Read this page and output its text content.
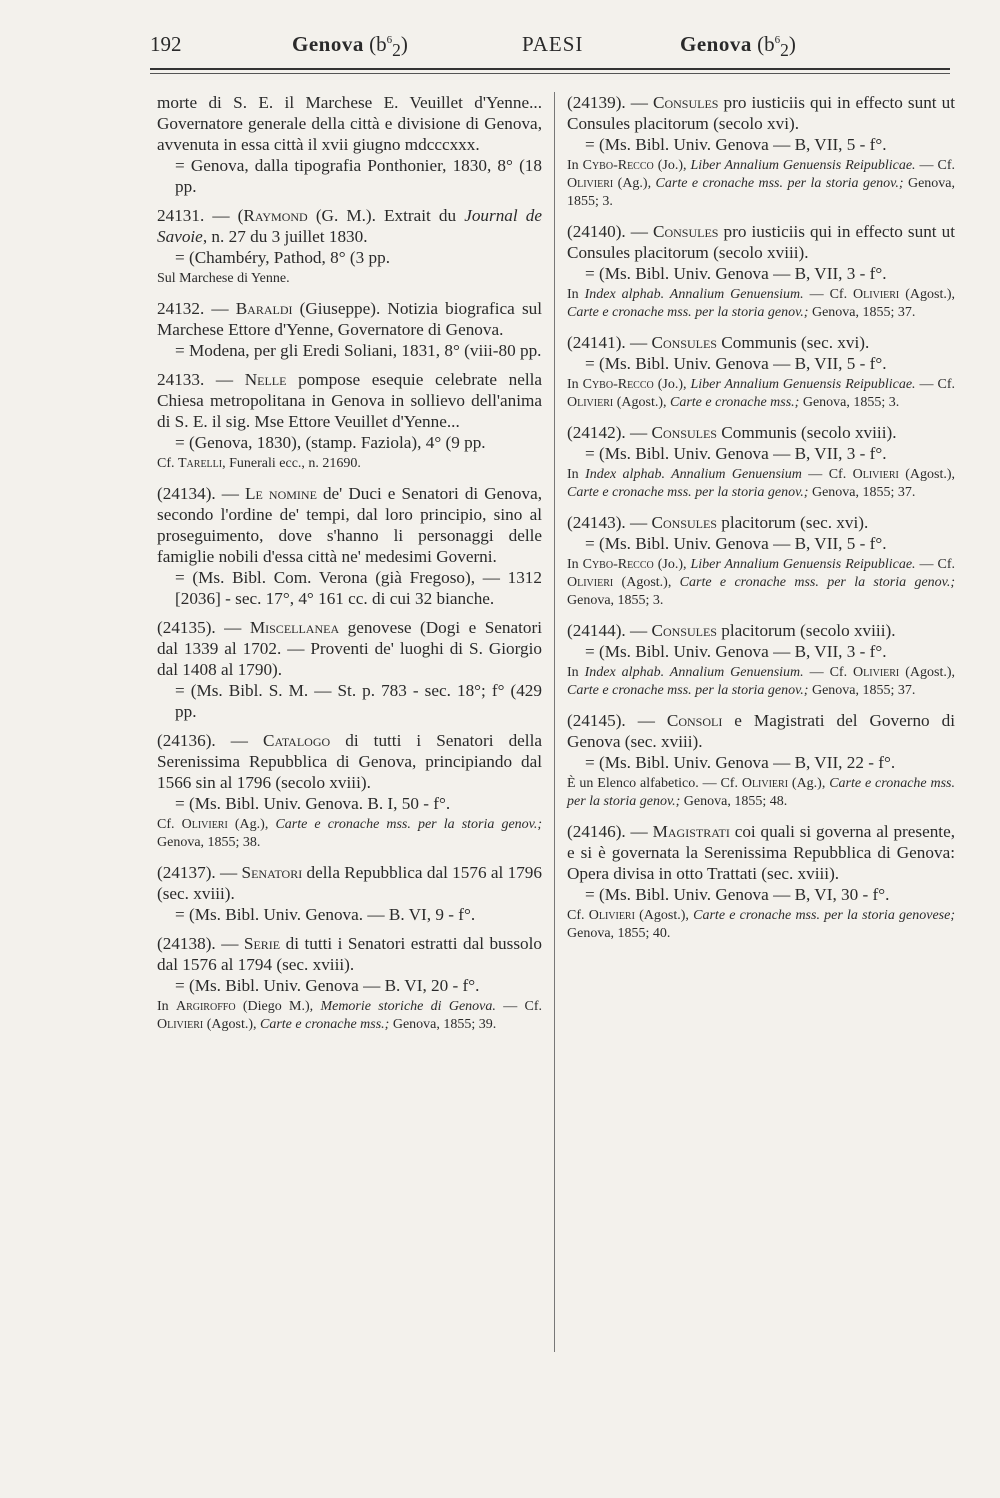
192	Genova $(b^6_2)$	PAESI	Genova $(b^6_2)$

morte di S. E. il Marchese E. Veuillet d'Yenne... Governatore generale della città e divisione di Genova, avvenuta in essa città il xvii giugno mdcccxxx.

= Genova, dalla tipografia Ponthonier, 1830, 8° (18 pp.

24131. — (Raymond (G. M.). Extrait du Journal de Savoie, n. 27 du 3 juillet 1830.

= (Chambéry, Pathod, 8° (3 pp.

Sul Marchese di Yenne.

24132. — Baraldi (Giuseppe). Notizia biografica sul Marchese Ettore d'Yenne, Governatore di Genova.

= Modena, per gli Eredi Soliani, 1831, 8° (viii-80 pp.

24133. — Nelle pompose esequie celebrate nella Chiesa metropolitana in Genova in sollievo dell'anima di S. E. il sig. Mse Ettore Veuillet d'Yenne...

= (Genova, 1830), (stamp. Faziola), 4° (9 pp.

Cf. Tarelli, Funerali ecc., n. 21690.

(24134). — Le nomine de' Duci e Senatori di Genova, secondo l'ordine de' tempi, dal loro principio, sino al proseguimento, dove s'hanno li personaggi delle famiglie nobili d'essa città ne' medesimi Governi.

= (Ms. Bibl. Com. Verona (già Fregoso), — 1312 [2036] - sec. 17°, 4° 161 cc. di cui 32 bianche.

(24135). — Miscellanea genovese (Dogi e Senatori dal 1339 al 1702. — Proventi de' luoghi di S. Giorgio dal 1408 al 1790).

= (Ms. Bibl. S. M. — St. p. 783 - sec. 18°; f° (429 pp.

(24136). — Catalogo di tutti i Senatori della Serenissima Repubblica di Genova, principiando dal 1566 sin al 1796 (secolo xviii).

= (Ms. Bibl. Univ. Genova. B. I, 50 - f°.

Cf. Olivieri (Ag.), Carte e cronache mss. per la storia genov.; Genova, 1855; 38.

(24137). — Senatori della Repubblica dal 1576 al 1796 (sec. xviii).

= (Ms. Bibl. Univ. Genova. — B. VI, 9 - f°.

(24138). — Serie di tutti i Senatori estratti dal bussolo dal 1576 al 1794 (sec. xviii).

= (Ms. Bibl. Univ. Genova — B. VI, 20 - f°.

In Argiroffo (Diego M.), Memorie storiche di Genova. — Cf. Olivieri (Agost.), Carte e cronache mss.; Genova, 1855; 39.

(24139). — Consules pro iusticiis qui in effecto sunt ut Consules placitorum (secolo xvi).

= (Ms. Bibl. Univ. Genova — B, VII, 5 - f°.

In Cybo-Recco (Jo.), Liber Annalium Genuensis Reipublicae. — Cf. Olivieri (Ag.), Carte e cronache mss. per la storia genov.; Genova, 1855; 3.

(24140). — Consules pro iusticiis qui in effecto sunt ut Consules placitorum (secolo xviii).

= (Ms. Bibl. Univ. Genova — B, VII, 3 - f°.

In Index alphab. Annalium Genuensium. — Cf. Olivieri (Agost.), Carte e cronache mss. per la storia genov.; Genova, 1855; 37.

(24141). — Consules Communis (sec. xvi).

= (Ms. Bibl. Univ. Genova — B, VII, 5 - f°.

In Cybo-Recco (Jo.), Liber Annalium Genuensis Reipublicae. — Cf. Olivieri (Agost.), Carte e cronache mss.; Genova, 1855; 3.

(24142). — Consules Communis (secolo xviii).

= (Ms. Bibl. Univ. Genova — B, VII, 3 - f°.

In Index alphab. Annalium Genuensium — Cf. Olivieri (Agost.), Carte e cronache mss. per la storia genov.; Genova, 1855; 37.

(24143). — Consules placitorum (sec. xvi).

= (Ms. Bibl. Univ. Genova — B, VII, 5 - f°.

In Cybo-Recco (Jo.), Liber Annalium Genuensis Reipublicae. — Cf. Olivieri (Agost.), Carte e cronache mss. per la storia genov.; Genova, 1855; 3.

(24144). — Consules placitorum (secolo xviii).

= (Ms. Bibl. Univ. Genova — B, VII, 3 - f°.

In Index alphab. Annalium Genuensium. — Cf. Olivieri (Agost.), Carte e cronache mss. per la storia genov.; Genova, 1855; 37.

(24145). — Consoli e Magistrati del Governo di Genova (sec. xviii).

= (Ms. Bibl. Univ. Genova — B, VII, 22 - f°.

È un Elenco alfabetico. — Cf. Olivieri (Ag.), Carte e cronache mss. per la storia genov.; Genova, 1855; 48.

(24146). — Magistrati coi quali si governa al presente, e si è governata la Serenissima Repubblica di Genova: Opera divisa in otto Trattati (sec. xviii).

= (Ms. Bibl. Univ. Genova — B, VI, 30 - f°.

Cf. Olivieri (Agost.), Carte e cronache mss. per la storia genovese; Genova, 1855; 40.
